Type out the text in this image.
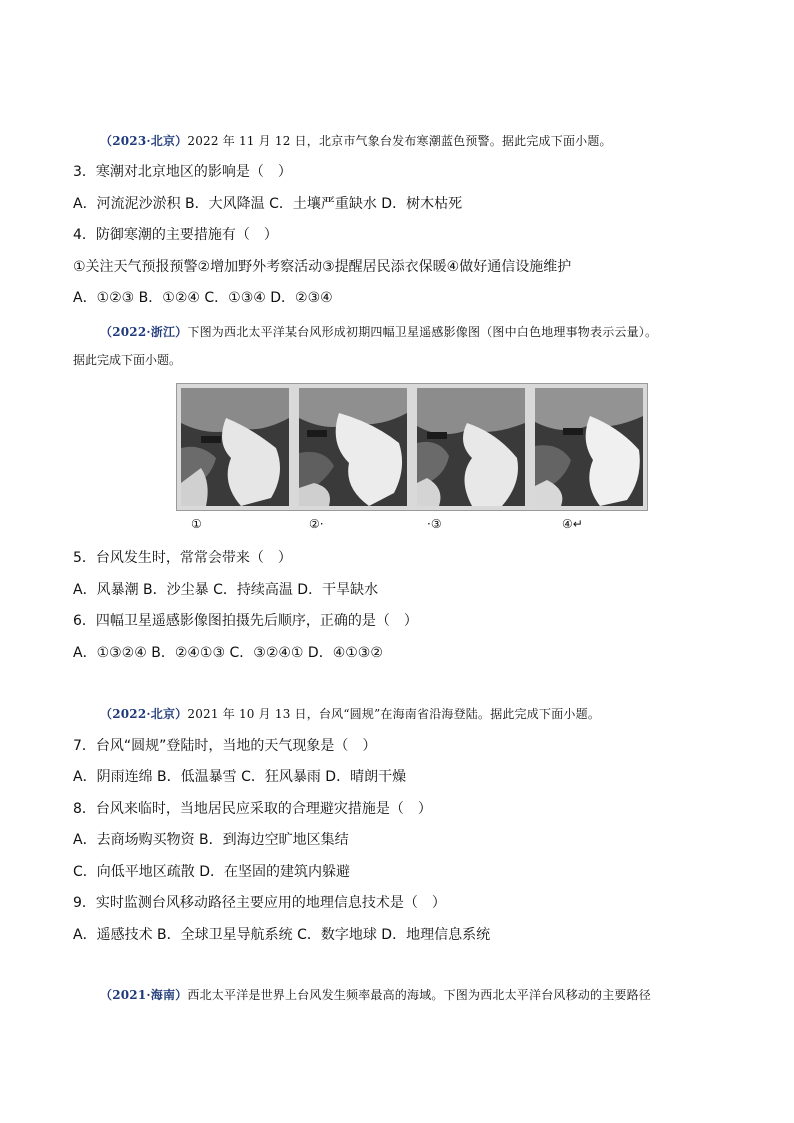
（2023·北京）2022 年 11 月 12 日，北京市气象台发布寒潮蓝色预警。据此完成下面小题。
3．寒潮对北京地区的影响是（　）
A．河流泥沙淤积 B．大风降温 C．土壤严重缺水 D．树木枯死
4．防御寒潮的主要措施有（　）
①关注天气预报预警②增加野外考察活动③提醒居民添衣保暖④做好通信设施维护
A．①②③ B．①②④ C．①③④ D．②③④
（2022·浙江）下图为西北太平洋某台风形成初期四幅卫星遥感影像图（图中白色地理事物表示云量）。
据此完成下面小题。
①	②·	·③	④↵
5．台风发生时，常常会带来（　）
A．风暴潮 B．沙尘暴 C．持续高温 D．干旱缺水
6．四幅卫星遥感影像图拍摄先后顺序，正确的是（　）
A．①③②④ B．②④①③ C．③②④① D．④①③②
（2022·北京）2021 年 10 月 13 日，台风“圆规”在海南省沿海登陆。据此完成下面小题。
7．台风“圆规”登陆时，当地的天气现象是（　）
A．阴雨连绵 B．低温暴雪 C．狂风暴雨 D．晴朗干燥
8．台风来临时，当地居民应采取的合理避灾措施是（　）
A．去商场购买物资 B．到海边空旷地区集结
C．向低平地区疏散 D．在坚固的建筑内躲避
9．实时监测台风移动路径主要应用的地理信息技术是（　）
A．遥感技术 B．全球卫星导航系统 C．数字地球 D．地理信息系统
（2021·海南）西北太平洋是世界上台风发生频率最高的海域。下图为西北太平洋台风移动的主要路径
